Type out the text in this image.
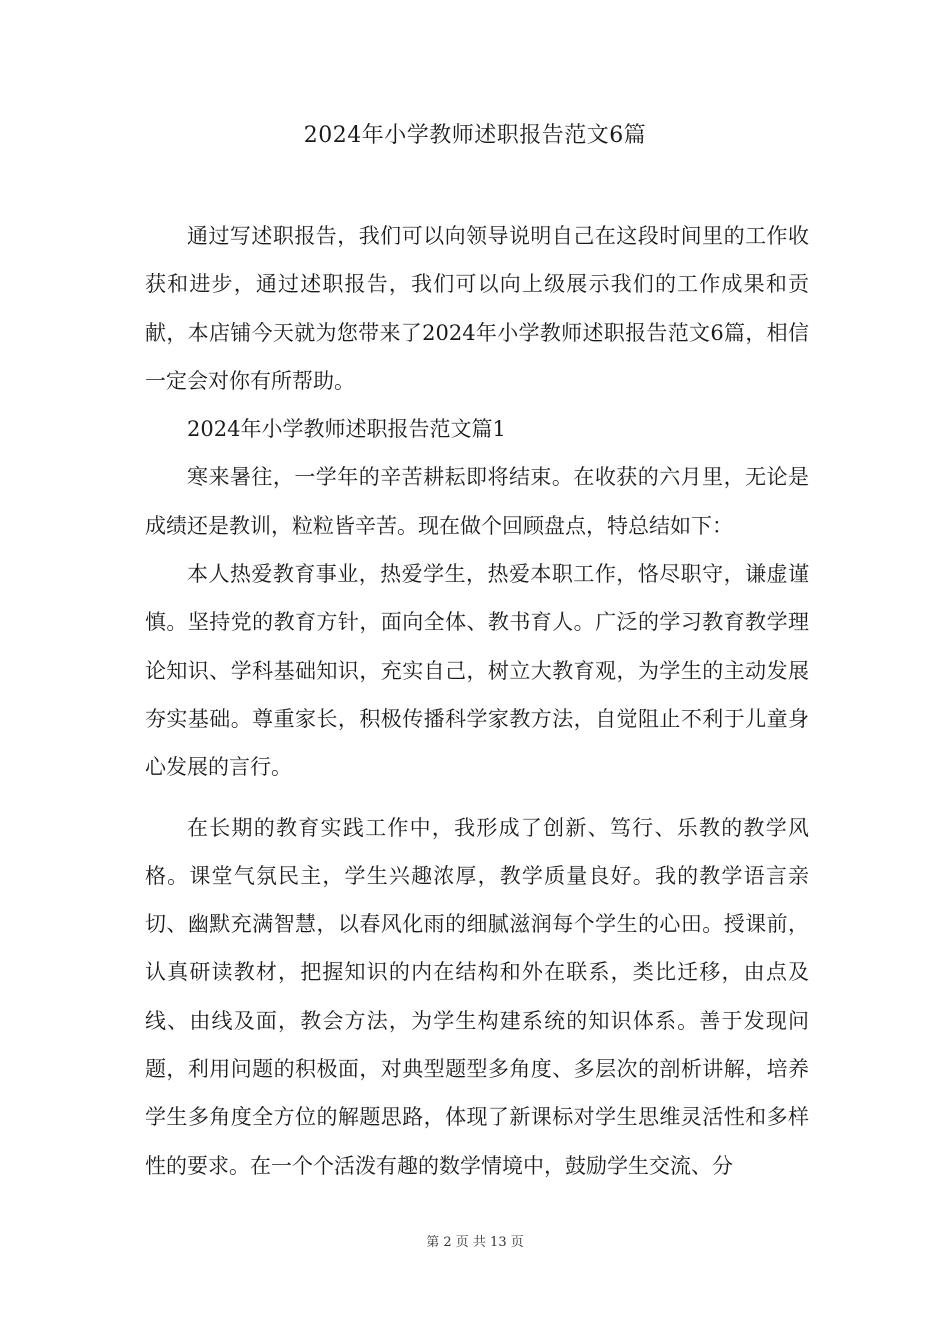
2024年小学教师述职报告范文6篇

通过写述职报告，我们可以向领导说明自己在这段时间里的工作收获和进步，通过述职报告，我们可以向上级展示我们的工作成果和贡献，本店铺今天就为您带来了2024年小学教师述职报告范文6篇，相信一定会对你有所帮助。

2024年小学教师述职报告范文篇1

寒来暑往，一学年的辛苦耕耘即将结束。在收获的六月里，无论是成绩还是教训，粒粒皆辛苦。现在做个回顾盘点，特总结如下：

本人热爱教育事业，热爱学生，热爱本职工作，恪尽职守，谦虚谨慎。坚持党的教育方针，面向全体、教书育人。广泛的学习教育教学理论知识、学科基础知识，充实自己，树立大教育观，为学生的主动发展夯实基础。尊重家长，积极传播科学家教方法，自觉阻止不利于儿童身心发展的言行。

在长期的教育实践工作中，我形成了创新、笃行、乐教的教学风格。课堂气氛民主，学生兴趣浓厚，教学质量良好。我的教学语言亲切、幽默充满智慧，以春风化雨的细腻滋润每个学生的心田。授课前，认真研读教材，把握知识的内在结构和外在联系，类比迁移，由点及线、由线及面，教会方法，为学生构建系统的知识体系。善于发现问题，利用问题的积极面，对典型题型多角度、多层次的剖析讲解，培养学生多角度全方位的解题思路，体现了新课标对学生思维灵活性和多样性的要求。在一个个活泼有趣的数学情境中，鼓励学生交流、分

第 2 页 共 13 页
